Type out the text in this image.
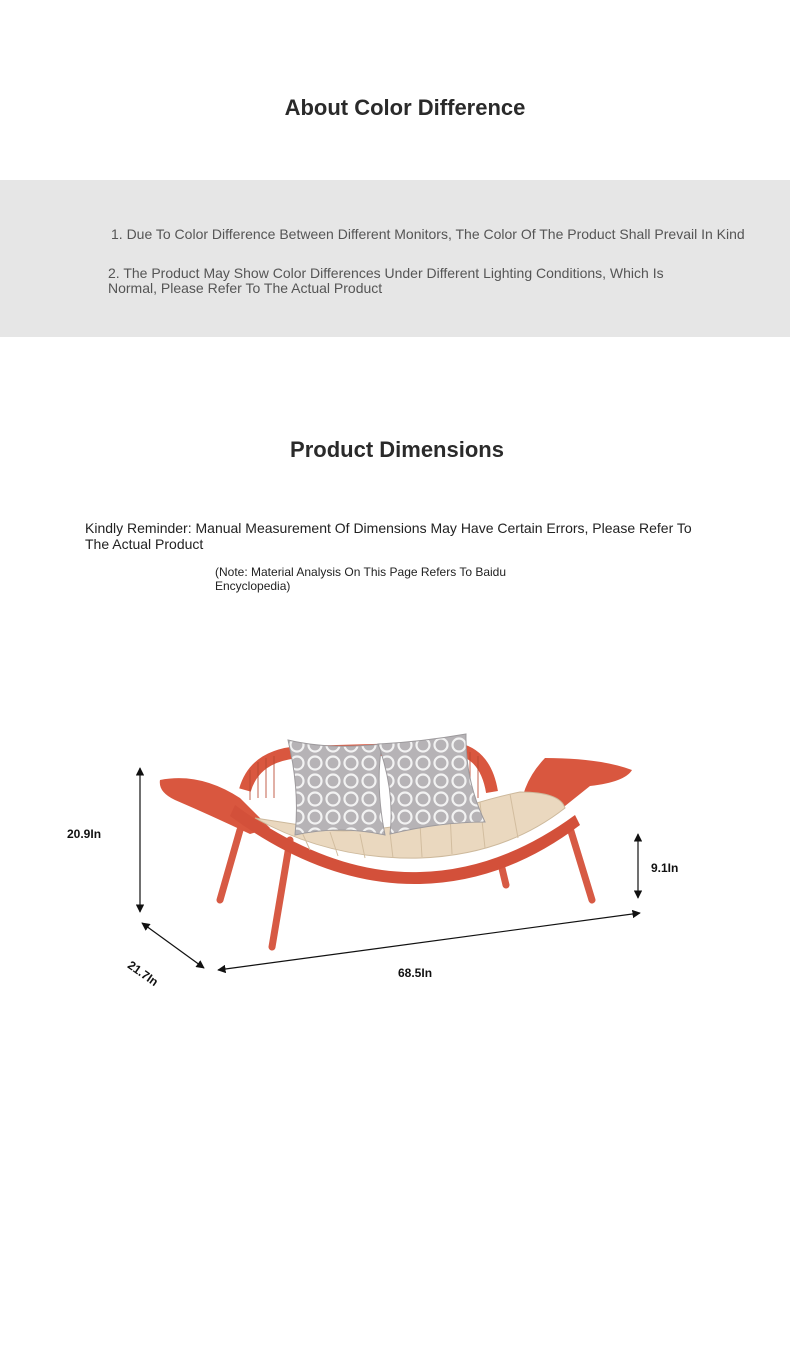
About Color Difference
1. Due To Color Difference Between Different Monitors, The Color Of The Product Shall Prevail In Kind
2. The Product May Show Color Differences Under Different Lighting Conditions, Which Is Normal, Please Refer To The Actual Product
Product Dimensions
Kindly Reminder: Manual Measurement Of Dimensions May Have Certain Errors, Please Refer To The Actual Product
(Note: Material Analysis On This Page Refers To Baidu Encyclopedia)
20.9In
9.1In
21.7In	68.5In
